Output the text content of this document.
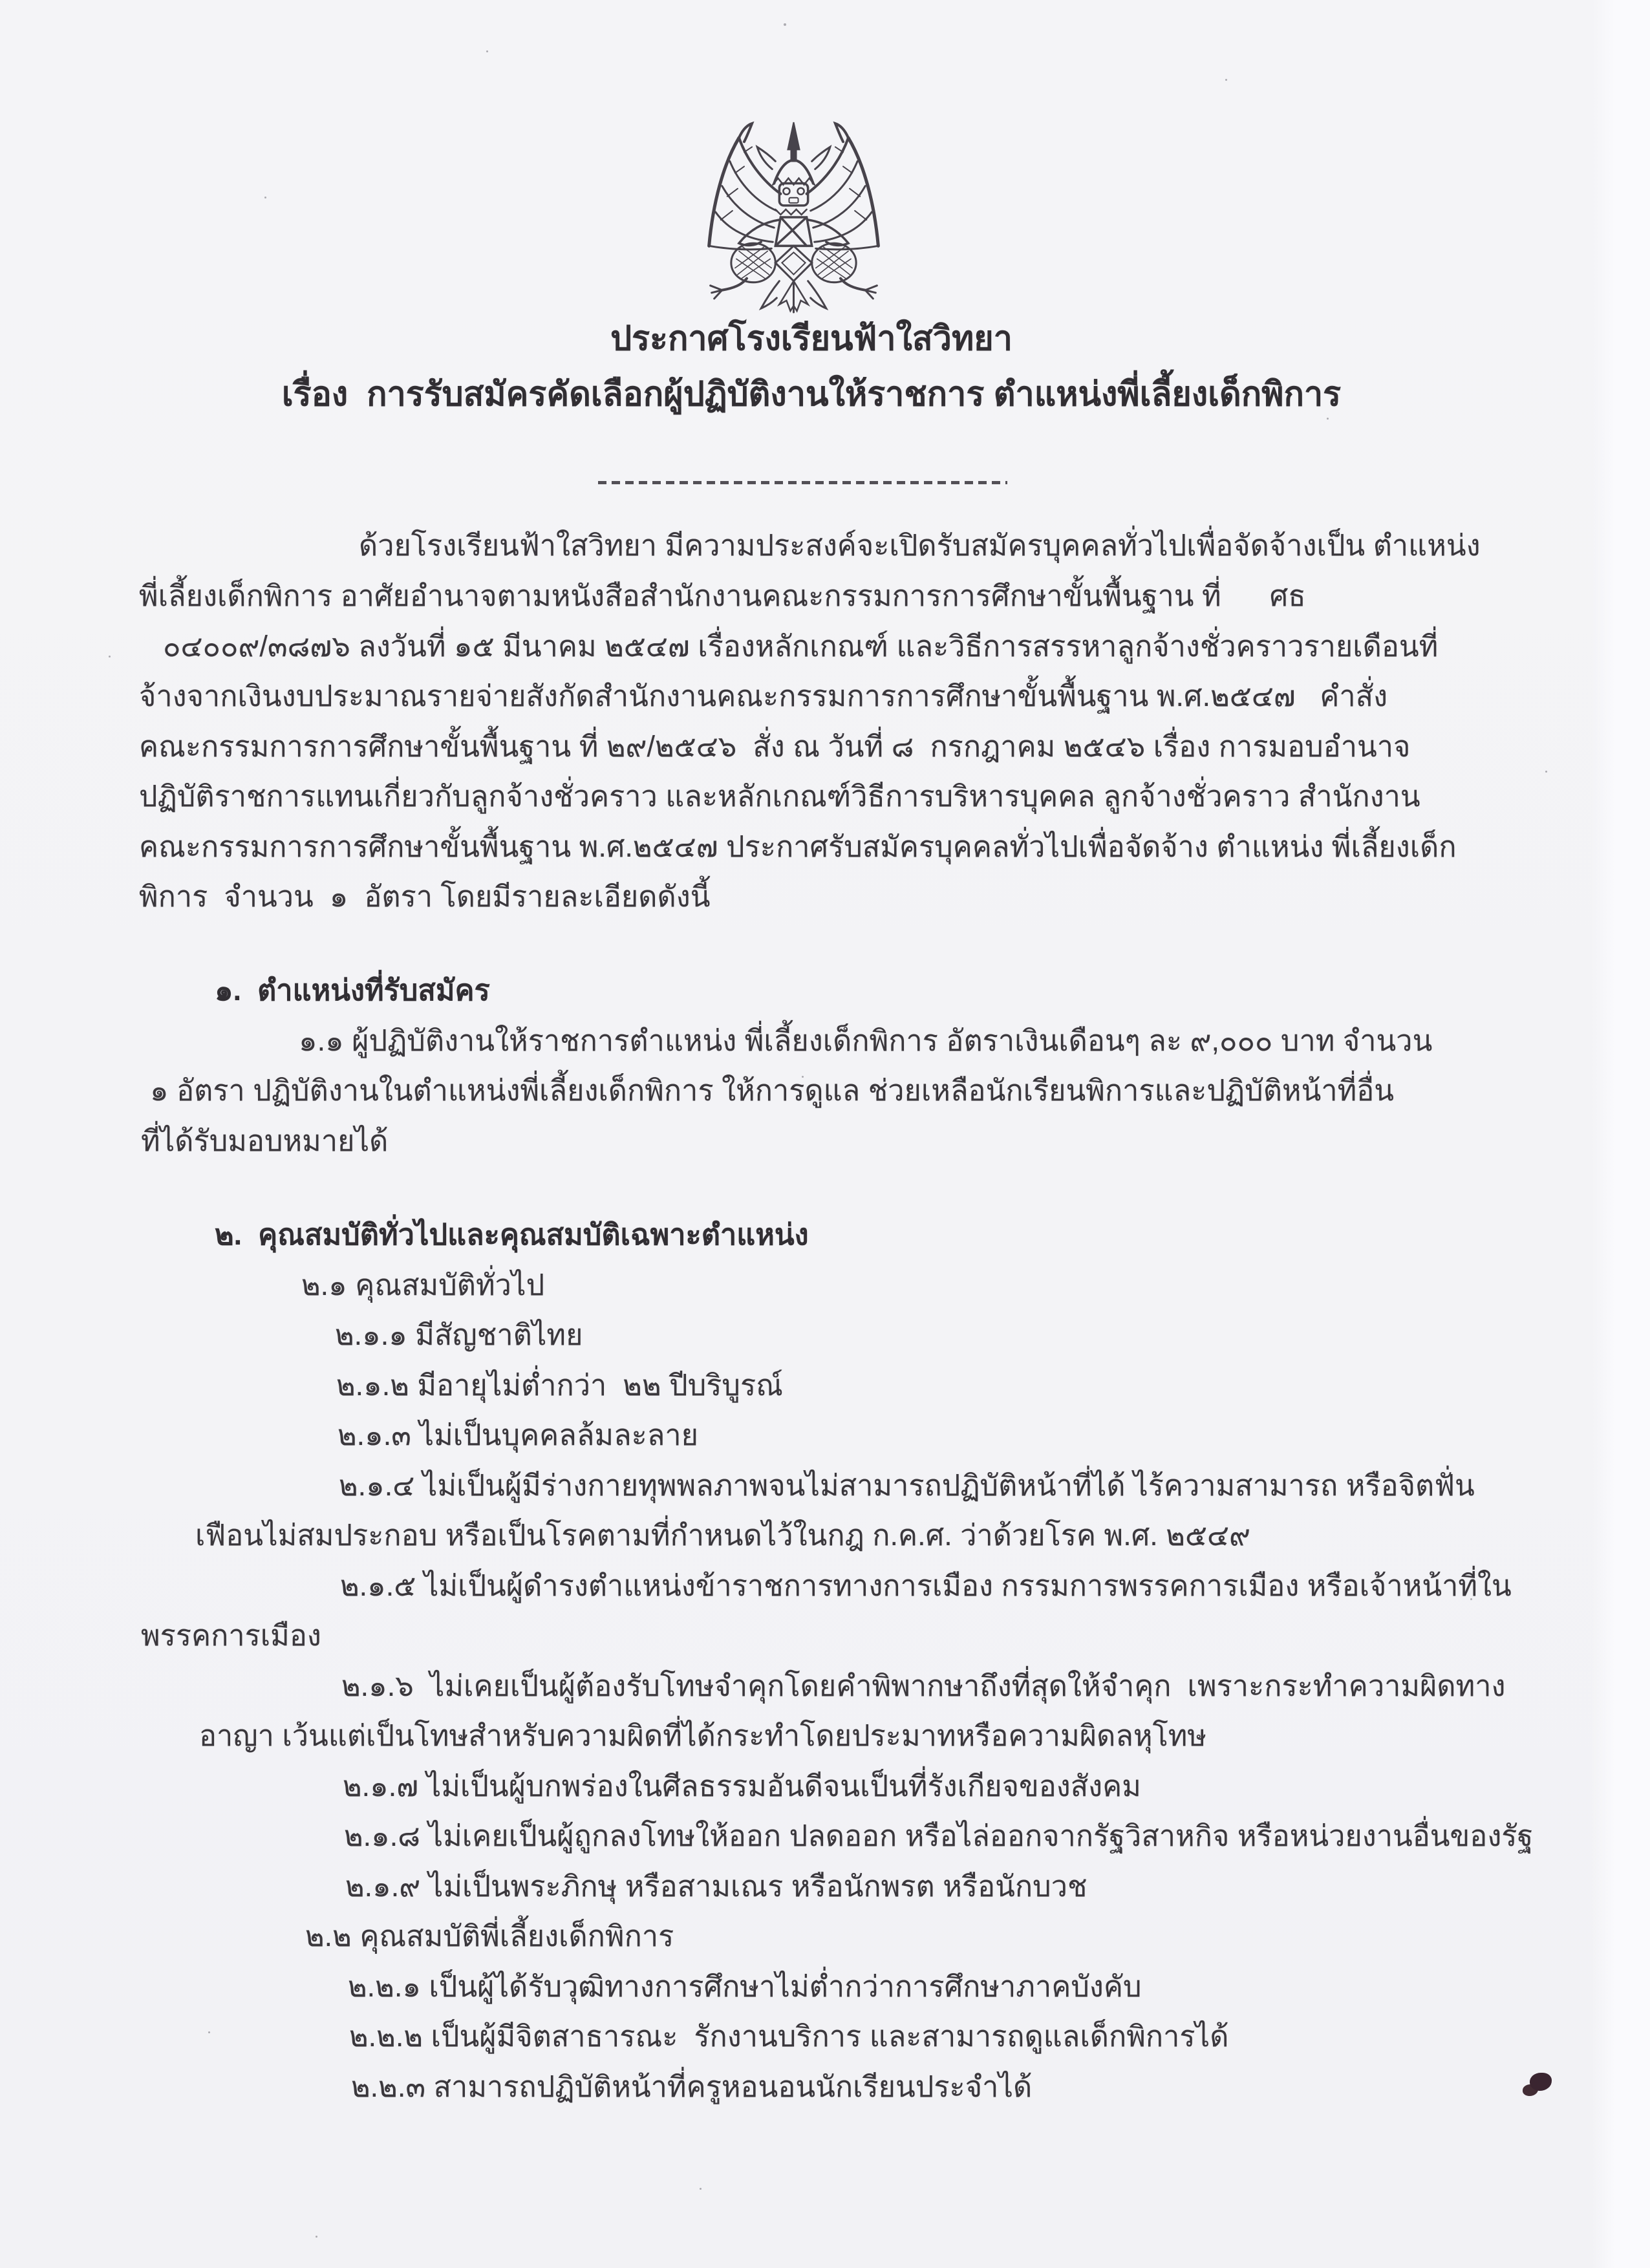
ประกาศโรงเรียนฟ้าใสวิทยา
เรื่อง  การรับสมัครคัดเลือกผู้ปฏิบัติงานให้ราชการ ตำแหน่งพี่เลี้ยงเด็กพิการ
ด้วยโรงเรียนฟ้าใสวิทยา มีความประสงค์จะเปิดรับสมัครบุคคลทั่วไปเพื่อจัดจ้างเป็น ตำแหน่ง
พี่เลี้ยงเด็กพิการ อาศัยอำนาจตามหนังสือสำนักงานคณะกรรมการการศึกษาขั้นพื้นฐาน ที่      ศธ
๐๔๐๐๙/๓๘๗๖ ลงวันที่ ๑๕ มีนาคม ๒๕๔๗ เรื่องหลักเกณฑ์ และวิธีการสรรหาลูกจ้างชั่วคราวรายเดือนที่
จ้างจากเงินงบประมาณรายจ่ายสังกัดสำนักงานคณะกรรมการการศึกษาขั้นพื้นฐาน พ.ศ.๒๕๔๗   คำสั่ง
คณะกรรมการการศึกษาขั้นพื้นฐาน ที่ ๒๙/๒๕๔๖  สั่ง ณ วันที่ ๘  กรกฎาคม ๒๕๔๖ เรื่อง การมอบอำนาจ
ปฏิบัติราชการแทนเกี่ยวกับลูกจ้างชั่วคราว และหลักเกณฑ์วิธีการบริหารบุคคล ลูกจ้างชั่วคราว สำนักงาน
คณะกรรมการการศึกษาขั้นพื้นฐาน พ.ศ.๒๕๔๗ ประกาศรับสมัครบุคคลทั่วไปเพื่อจัดจ้าง ตำแหน่ง พี่เลี้ยงเด็ก
พิการ  จำนวน  ๑  อัตรา โดยมีรายละเอียดดังนี้
๑.  ตำแหน่งที่รับสมัคร
๑.๑ ผู้ปฏิบัติงานให้ราชการตำแหน่ง พี่เลี้ยงเด็กพิการ อัตราเงินเดือนๆ ละ ๙,๐๐๐ บาท จำนวน
๑ อัตรา ปฏิบัติงานในตำแหน่งพี่เลี้ยงเด็กพิการ ให้การดูแล ช่วยเหลือนักเรียนพิการและปฏิบัติหน้าที่อื่น
ที่ได้รับมอบหมายได้
๒.  คุณสมบัติทั่วไปและคุณสมบัติเฉพาะตำแหน่ง
๒.๑ คุณสมบัติทั่วไป
๒.๑.๑ มีสัญชาติไทย
๒.๑.๒ มีอายุไม่ต่ำกว่า  ๒๒ ปีบริบูรณ์
๒.๑.๓ ไม่เป็นบุคคลล้มละลาย
๒.๑.๔ ไม่เป็นผู้มีร่างกายทุพพลภาพจนไม่สามารถปฏิบัติหน้าที่ได้ ไร้ความสามารถ หรือจิตฟั่น
เฟือนไม่สมประกอบ หรือเป็นโรคตามที่กำหนดไว้ในกฎ ก.ค.ศ. ว่าด้วยโรค พ.ศ. ๒๕๔๙
๒.๑.๕ ไม่เป็นผู้ดำรงตำแหน่งข้าราชการทางการเมือง กรรมการพรรคการเมือง หรือเจ้าหน้าที่ใน
พรรคการเมือง
๒.๑.๖  ไม่เคยเป็นผู้ต้องรับโทษจำคุกโดยคำพิพากษาถึงที่สุดให้จำคุก  เพราะกระทำความผิดทาง
อาญา เว้นแต่เป็นโทษสำหรับความผิดที่ได้กระทำโดยประมาทหรือความผิดลหุโทษ
๒.๑.๗ ไม่เป็นผู้บกพร่องในศีลธรรมอันดีจนเป็นที่รังเกียจของสังคม
๒.๑.๘ ไม่เคยเป็นผู้ถูกลงโทษให้ออก ปลดออก หรือไล่ออกจากรัฐวิสาหกิจ หรือหน่วยงานอื่นของรัฐ
๒.๑.๙ ไม่เป็นพระภิกษุ หรือสามเณร หรือนักพรต หรือนักบวช
๒.๒ คุณสมบัติพี่เลี้ยงเด็กพิการ
๒.๒.๑ เป็นผู้ได้รับวุฒิทางการศึกษาไม่ต่ำกว่าการศึกษาภาคบังคับ
๒.๒.๒ เป็นผู้มีจิตสาธารณะ  รักงานบริการ และสามารถดูแลเด็กพิการได้
๒.๒.๓ สามารถปฏิบัติหน้าที่ครูหอนอนนักเรียนประจำได้
